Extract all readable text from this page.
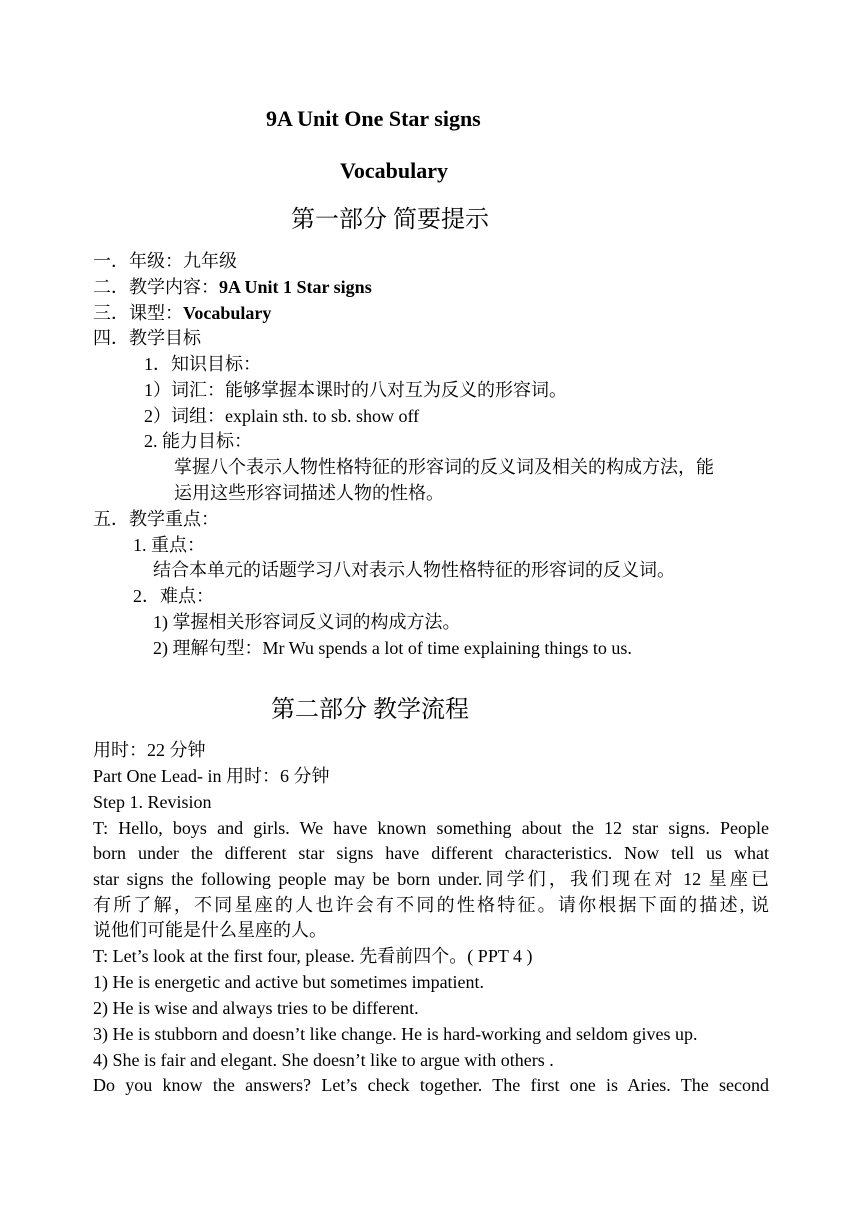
9A Unit One Star signs
Vocabulary
第一部分 简要提示
一．年级：九年级
二．教学内容：9A Unit 1 Star signs
三．课型：Vocabulary
四．教学目标
1．知识目标：
1）词汇：能够掌握本课时的八对互为反义的形容词。
2）词组：explain sth. to sb. show off
2. 能力目标：
掌握八个表示人物性格特征的形容词的反义词及相关的构成方法，能
运用这些形容词描述人物的性格。
五．教学重点：
1. 重点：
结合本单元的话题学习八对表示人物性格特征的形容词的反义词。
2．难点：
1) 掌握相关形容词反义词的构成方法。
2) 理解句型：Mr Wu spends a lot of time explaining things to us.
第二部分 教学流程
用时：22 分钟
Part One Lead- in 用时：6 分钟
Step 1. Revision
T: Hello, boys and girls. We have known something about the 12 star signs. People
born under the different star signs have different characteristics. Now tell us what
star signs the following people may be born under.同学们，我们现在对 12 星座已
有所了解，不同星座的人也许会有不同的性格特征。请你根据下面的描述, 说
说他们可能是什么星座的人。
T: Let’s look at the first four, please. 先看前四个。( PPT 4 )
1) He is energetic and active but sometimes impatient.
2) He is wise and always tries to be different.
3) He is stubborn and doesn’t like change. He is hard-working and seldom gives up.
4) She is fair and elegant. She doesn’t like to argue with others .
Do you know the answers? Let’s check together. The first one is Aries. The second
